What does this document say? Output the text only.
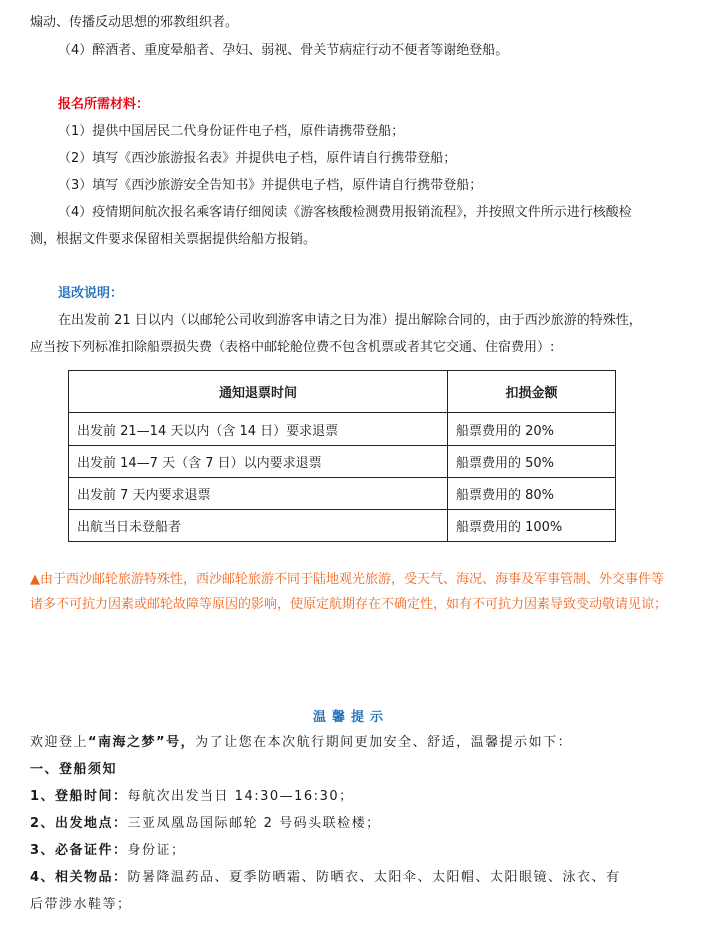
煽动、传播反动思想的邪教组织者。
（4）醉酒者、重度晕船者、孕妇、弱视、骨关节病症行动不便者等谢绝登船。
报名所需材料：
（1）提供中国居民二代身份证件电子档，原件请携带登船；
（2）填写《西沙旅游报名表》并提供电子档，原件请自行携带登船；
（3）填写《西沙旅游安全告知书》并提供电子档，原件请自行携带登船；
（4）疫情期间航次报名乘客请仔细阅读《游客核酸检测费用报销流程》，并按照文件所示进行核酸检
测，根据文件要求保留相关票据提供给船方报销。
退改说明：
在出发前 21 日以内（以邮轮公司收到游客申请之日为准）提出解除合同的，由于西沙旅游的特殊性，
应当按下列标准扣除船票损失费（表格中邮轮舱位费不包含机票或者其它交通、住宿费用）:
通知退票时间	扣损金额
出发前 21—14 天以内（含 14 日）要求退票	船票费用的 20%
出发前 14—7 天（含 7 日）以内要求退票	船票费用的 50%
出发前 7 天内要求退票	船票费用的 80%
出航当日未登船者	船票费用的 100%
▲由于西沙邮轮旅游特殊性，西沙邮轮旅游不同于陆地观光旅游，受天气、海况、海事及军事管制、外交事件等
诸多不可抗力因素或邮轮故障等原因的影响，使原定航期存在不确定性，如有不可抗力因素导致变动敬请见谅；
温馨提示
欢迎登上“南海之梦”号，为了让您在本次航行期间更加安全、舒适，温馨提示如下：
一、登船须知
1、登船时间：每航次出发当日 14:30—16:30；
2、出发地点：三亚凤凰岛国际邮轮 2 号码头联检楼；
3、必备证件：身份证；
4、相关物品：防暑降温药品、夏季防晒霜、防晒衣、太阳伞、太阳帽、太阳眼镜、泳衣、有
后带涉水鞋等；
